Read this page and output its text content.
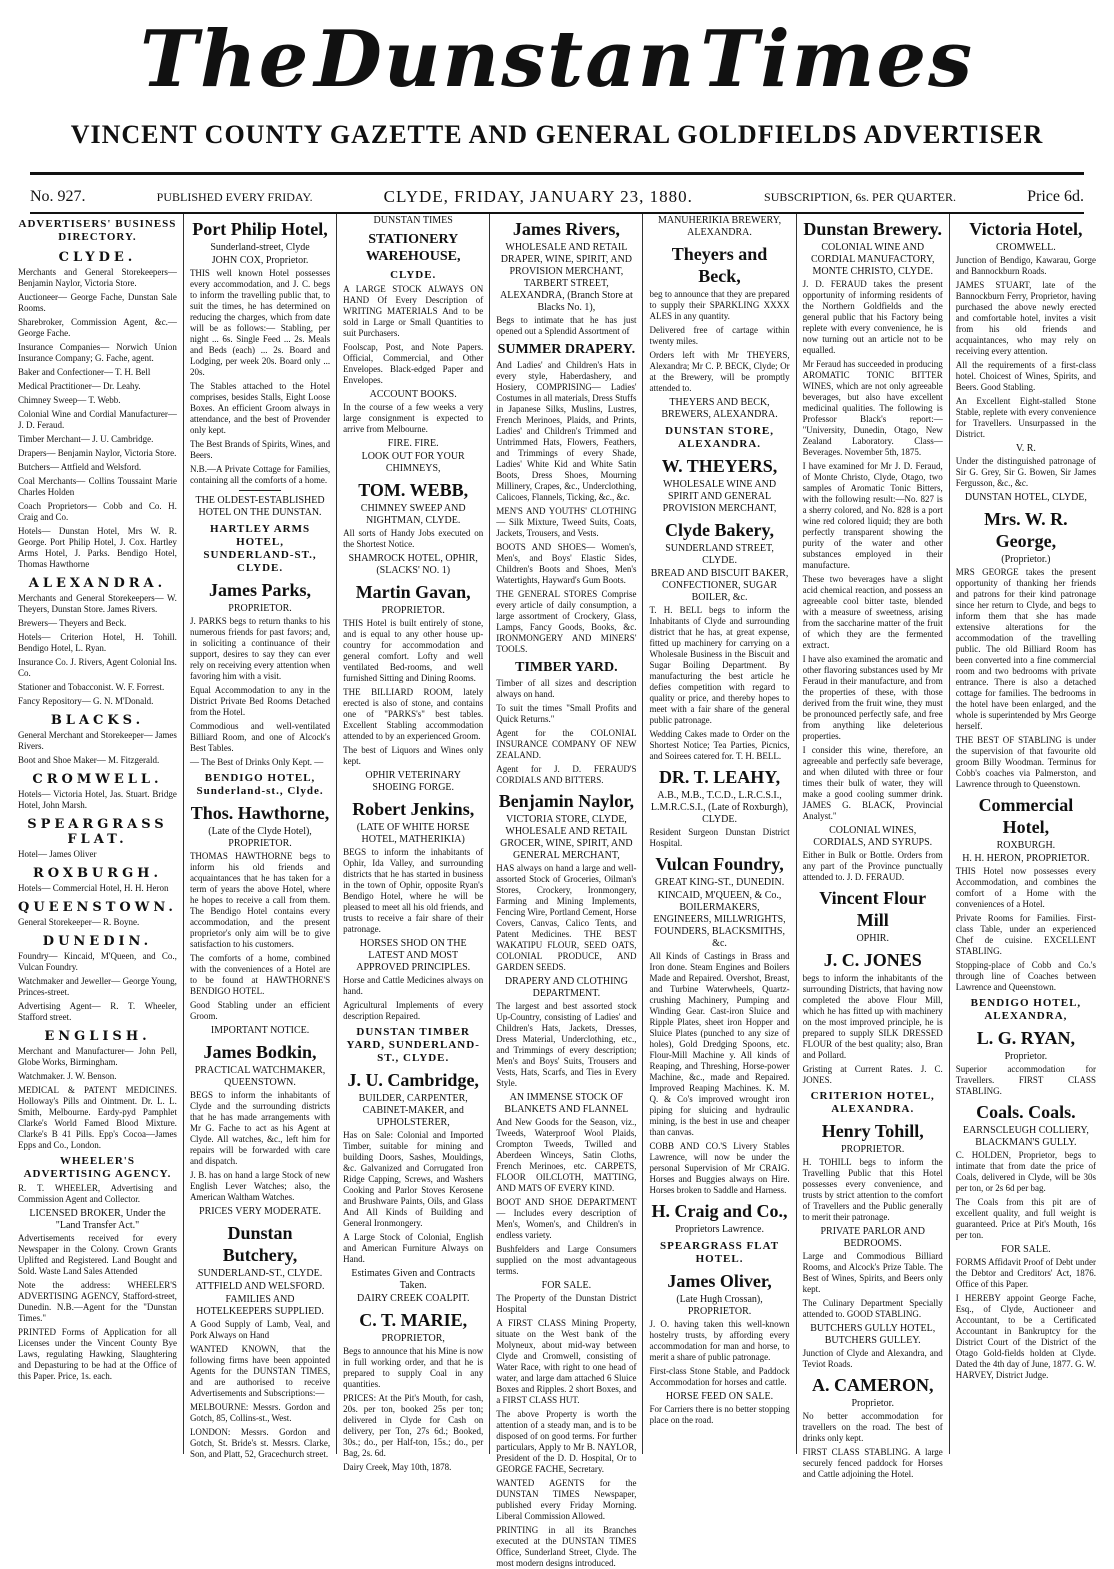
The Dunstan Times
VINCENT COUNTY GAZETTE AND GENERAL GOLDFIELDS ADVERTISER
No. 927.	PUBLISHED EVERY FRIDAY.	CLYDE, FRIDAY, JANUARY 23, 1880.	SUBSCRIPTION, 6s. PER QUARTER.	Price 6d.
ADVERTISERS' BUSINESS DIRECTORY.
CLYDE.

Merchants and General Storekeepers— Benjamin Naylor, Victoria Store.

Auctioneer— George Fache, Dunstan Sale Rooms.

Sharebroker, Commission Agent, &c.— George Fache.

Insurance Companies— Norwich Union Insurance Company; G. Fache, agent.

Baker and Confectioner— T. H. Bell

Medical Practitioner— Dr. Leahy.

Chimney Sweep— T. Webb.

Colonial Wine and Cordial Manufacturer— J. D. Feraud.

Timber Merchant— J. U. Cambridge.

Drapers— Benjamin Naylor, Victoria Store.

Butchers— Attfield and Welsford.

Coal Merchants— Collins Toussaint Marie Charles Holden

Coach Proprietors— Cobb and Co. H. Craig and Co.

Hotels— Dunstan Hotel, Mrs W. R. George. Port Philip Hotel, J. Cox. Hartley Arms Hotel, J. Parks. Bendigo Hotel, Thomas Hawthorne

ALEXANDRA.

Merchants and General Storekeepers— W. Theyers, Dunstan Store. James Rivers.

Brewers— Theyers and Beck.

Hotels— Criterion Hotel, H. Tohill. Bendigo Hotel, L. Ryan.

Insurance Co. J. Rivers, Agent Colonial Ins. Co.

Stationer and Tobacconist. W. F. Forrest.

Fancy Repository— G. N. M'Donald.

BLACKS.

General Merchant and Storekeeper— James Rivers.

Boot and Shoe Maker— M. Fitzgerald.

CROMWELL.

Hotels— Victoria Hotel, Jas. Stuart. Bridge Hotel, John Marsh.

SPEARGRASS FLAT.

Hotel— James Oliver

ROXBURGH.

Hotels— Commercial Hotel, H. H. Heron

QUEENSTOWN.

General Storekeeper— R. Boyne.

DUNEDIN.

Foundry— Kincaid, M'Queen, and Co., Vulcan Foundry.

Watchmaker and Jeweller— George Young, Princes-street.

Advertising Agent— R. T. Wheeler, Stafford street.

ENGLISH.

Merchant and Manufacturer— John Pell, Globe Works, Birmingham.

Watchmaker. J. W. Benson.

MEDICAL & PATENT MEDICINES. Holloway's Pills and Ointment. Dr. L. L. Smith, Melbourne. Eardy-pyd Pamphlet Clarke's World Famed Blood Mixture. Clarke's B 41 Pills. Epp's Cocoa—James Epps and Co., London.

WHEELER'S ADVERTISING AGENCY.

R. T. WHEELER, Advertising and Commission Agent and Collector.

LICENSED BROKER, Under the "Land Transfer Act."

Advertisements received for every Newspaper in the Colony. Crown Grants Uplifted and Registered. Land Bought and Sold. Waste Land Sales Attended

Note the address: WHEELER'S ADVERTISING AGENCY, Stafford-street, Dunedin. N.B.—Agent for the "Dunstan Times."

PRINTED Forms of Application for all Licenses under the Vincent County Bye Laws, regulating Hawking, Slaughtering and Depasturing to be had at the Office of this Paper. Price, 1s. each.

Port Philip Hotel,
Sunderland-street, Clyde
JOHN COX, Proprietor.

THIS well known Hotel possesses every accommodation, and J. C. begs to inform the travelling public that, to suit the times, he has determined on reducing the charges, which from date will be as follows:— Stabling, per night ... 6s. Single Feed ... 2s. Meals and Beds (each) ... 2s. Board and Lodging, per week 20s. Board only ... 20s.

The Stables attached to the Hotel comprises, besides Stalls, Eight Loose Boxes. An efficient Groom always in attendance, and the best of Provender only kept.

The Best Brands of Spirits, Wines, and Beers.

N.B.—A Private Cottage for Families, containing all the comforts of a home.

THE OLDEST-ESTABLISHED HOTEL ON THE DUNSTAN.
HARTLEY ARMS HOTEL, SUNDERLAND-ST., CLYDE.
James Parks,
PROPRIETOR.

J. PARKS begs to return thanks to his numerous friends for past favors; and, in soliciting a continuance of their support, desires to say they can ever rely on receiving every attention when favoring him with a visit.

Equal Accommodation to any in the District Private Bed Rooms Detached from the Hotel.

Commodious and well-ventilated Billiard Room, and one of Alcock's Best Tables.

— The Best of Drinks Only Kept. —

BENDIGO HOTEL, Sunderland-st., Clyde.
Thos. Hawthorne,
(Late of the Clyde Hotel), PROPRIETOR.

THOMAS HAWTHORNE begs to inform his old friends and acquaintances that he has taken for a term of years the above Hotel, where he hopes to receive a call from them. The Bendigo Hotel contains every accommodation, and the present proprietor's only aim will be to give satisfaction to his customers.

The comforts of a home, combined with the conveniences of a Hotel are to be found at HAWTHORNE'S BENDIGO HOTEL.

Good Stabling under an efficient Groom.

IMPORTANT NOTICE.
James Bodkin,
PRACTICAL WATCHMAKER, QUEENSTOWN.

BEGS to inform the inhabitants of Clyde and the surrounding districts that he has made arrangements with Mr G. Fache to act as his Agent at Clyde. All watches, &c., left him for repairs will be forwarded with care and dispatch.

J. B. has on hand a large Stock of new English Lever Watches; also, the American Waltham Watches.

PRICES VERY MODERATE.
Dunstan Butchery,
SUNDERLAND-ST., CLYDE.
ATTFIELD AND WELSFORD.
FAMILIES AND HOTELKEEPERS SUPPLIED.

A Good Supply of Lamb, Veal, and Pork Always on Hand

WANTED KNOWN, that the following firms have been appointed Agents for the DUNSTAN TIMES, and are authorised to receive Advertisements and Subscriptions:—

MELBOURNE: Messrs. Gordon and Gotch, 85, Collins-st., West.

LONDON: Messrs. Gordon and Gotch, St. Bride's st. Messrs. Clarke, Son, and Platt, 52, Gracechurch street.

DUNSTAN TIMES
STATIONERY WAREHOUSE,
CLYDE.

A LARGE STOCK ALWAYS ON HAND Of Every Description of WRITING MATERIALS And to be sold in Large or Small Quantities to suit Purchasers.

Foolscap, Post, and Note Papers. Official, Commercial, and Other Envelopes. Black-edged Paper and Envelopes.

ACCOUNT BOOKS.

In the course of a few weeks a very large consignment is expected to arrive from Melbourne.

FIRE. FIRE.
LOOK OUT FOR YOUR CHIMNEYS,
TOM. WEBB,
CHIMNEY SWEEP AND NIGHTMAN, CLYDE.

All sorts of Handy Jobs executed on the Shortest Notice.

SHAMROCK HOTEL, OPHIR, (SLACKS' NO. 1)
Martin Gavan,
PROPRIETOR.

THIS Hotel is built entirely of stone, and is equal to any other house up-country for accommodation and general comfort. Lofty and well ventilated Bed-rooms, and well furnished Sitting and Dining Rooms.

THE BILLIARD ROOM, lately erected is also of stone, and contains one of "PARKS's" best tables. Excellent Stabling accommodation attended to by an experienced Groom.

The best of Liquors and Wines only kept.

OPHIR VETERINARY SHOEING FORGE.
Robert Jenkins,
(LATE OF WHITE HORSE HOTEL, MATHERIKIA)

BEGS to inform the inhabitants of Ophir, Ida Valley, and surrounding districts that he has started in business in the town of Ophir, opposite Ryan's Bendigo Hotel, where he will be pleased to meet all his old friends, and trusts to receive a fair share of their patronage.

HORSES SHOD ON THE LATEST AND MOST APPROVED PRINCIPLES.

Horse and Cattle Medicines always on hand.

Agricultural Implements of every description Repaired.

DUNSTAN TIMBER YARD, SUNDERLAND-ST., CLYDE.
J. U. Cambridge,
BUILDER, CARPENTER, CABINET-MAKER, and UPHOLSTERER,

Has on Sale: Colonial and Imported Timber, suitable for mining and building Doors, Sashes, Mouldings, &c. Galvanized and Corrugated Iron Ridge Capping, Screws, and Washers Cooking and Parlor Stoves Kerosene and Brushware Paints, Oils, and Glass And All Kinds of Building and General Ironmongery.

A Large Stock of Colonial, English and American Furniture Always on Hand.

Estimates Given and Contracts Taken.
DAIRY CREEK COALPIT.
C. T. MARIE,
PROPRIETOR,

Begs to announce that his Mine is now in full working order, and that he is prepared to supply Coal in any quantities.

PRICES: At the Pit's Mouth, for cash, 20s. per ton, booked 25s per ton; delivered in Clyde for Cash on delivery, per Ton, 27s 6d.; Booked, 30s.; do., per Half-ton, 15s.; do., per Bag, 2s. 6d.

Dairy Creek, May 10th, 1878.

James Rivers,
WHOLESALE AND RETAIL DRAPER, WINE, SPIRIT, AND PROVISION MERCHANT, TARBERT STREET, ALEXANDRA, (Branch Store at Blacks No. 1),

Begs to intimate that he has just opened out a Splendid Assortment of

SUMMER DRAPERY.

And Ladies' and Children's Hats in every style, Haberdashery, and Hosiery, COMPRISING— Ladies' Costumes in all materials, Dress Stuffs in Japanese Silks, Muslins, Lustres, French Merinoes, Plaids, and Prints, Ladies' and Children's Trimmed and Untrimmed Hats, Flowers, Feathers, and Trimmings of every Shade, Ladies' White Kid and White Satin Boots, Dress Shoes, Mourning Millinery, Crapes, &c., Underclothing, Calicoes, Flannels, Ticking, &c., &c.

MEN'S AND YOUTHS' CLOTHING— Silk Mixture, Tweed Suits, Coats, Jackets, Trousers, and Vests.

BOOTS AND SHOES— Women's, Men's, and Boys' Elastic Sides, Children's Boots and Shoes, Men's Watertights, Hayward's Gum Boots.

THE GENERAL STORES Comprise every article of daily consumption, a large assortment of Crockery, Glass, Lamps, Fancy Goods, Books, &c. IRONMONGERY AND MINERS' TOOLS.

TIMBER YARD.

Timber of all sizes and description always on hand.

To suit the times "Small Profits and Quick Returns."

Agent for the COLONIAL INSURANCE COMPANY OF NEW ZEALAND.

Agent for J. D. FERAUD'S CORDIALS AND BITTERS.

Benjamin Naylor,
VICTORIA STORE, CLYDE, WHOLESALE AND RETAIL GROCER, WINE, SPIRIT, AND GENERAL MERCHANT,

HAS always on hand a large and well-assorted Stock of Groceries, Oilman's Stores, Crockery, Ironmongery, Farming and Mining Implements, Fencing Wire, Portland Cement, Horse Covers, Canvas, Calico Tents, and Patent Medicines. THE BEST WAKATIPU FLOUR, SEED OATS, COLONIAL PRODUCE, AND GARDEN SEEDS.

DRAPERY AND CLOTHING DEPARTMENT.

The largest and best assorted stock Up-Country, consisting of Ladies' and Children's Hats, Jackets, Dresses, Dress Material, Underclothing, etc., and Trimmings of every description; Men's and Boys' Suits, Trousers and Vests, Hats, Scarfs, and Ties in Every Style.

AN IMMENSE STOCK OF BLANKETS AND FLANNEL

And New Goods for the Season, viz., Tweeds, Waterproof Wool Plaids, Crompton Tweeds, Twilled and Aberdeen Winceys, Satin Cloths, French Merinoes, etc. CARPETS, FLOOR OILCLOTH, MATTING, AND MATS OF EVERY KIND.

BOOT AND SHOE DEPARTMENT— Includes every description of Men's, Women's, and Children's in endless variety.

Bushfelders and Large Consumers supplied on the most advantageous terms.

FOR SALE.

The Property of the Dunstan District Hospital

A FIRST CLASS Mining Property, situate on the West bank of the Molyneux, about mid-way between Clyde and Cromwell, consisting of Water Race, with right to one head of water, and large dam attached 6 Sluice Boxes and Ripples. 2 short Boxes, and a FIRST CLASS HUT.

The above Property is worth the attention of a steady man, and is to be disposed of on good terms. For further particulars, Apply to Mr B. NAYLOR, President of the D. D. Hospital, Or to GEORGE FACHE, Secretary.

WANTED AGENTS for the DUNSTAN TIMES Newspaper, published every Friday Morning. Liberal Commission Allowed.

PRINTING in all its Branches executed at the DUNSTAN TIMES Office, Sunderland Street, Clyde. The most modern designs introduced.

MANUHERIKIA BREWERY, ALEXANDRA.
Theyers and Beck,

beg to announce that they are prepared to supply their SPARKLING XXXX ALES in any quantity.

Delivered free of cartage within twenty miles.

Orders left with Mr THEYERS, Alexandra; Mr C. P. BECK, Clyde; Or at the Brewery, will be promptly attended to.

THEYERS AND BECK, BREWERS, ALEXANDRA.
DUNSTAN STORE, ALEXANDRA.
W. THEYERS,
WHOLESALE WINE AND SPIRIT AND GENERAL PROVISION MERCHANT,
Clyde Bakery,
SUNDERLAND STREET, CLYDE.
BREAD AND BISCUIT BAKER, CONFECTIONER, SUGAR BOILER, &c.

T. H. BELL begs to inform the Inhabitants of Clyde and surrounding district that he has, at great expense, fitted up machinery for carrying on a Wholesale Business in the Biscuit and Sugar Boiling Department. By manufacturing the best article he defies competition with regard to quality or price, and thereby hopes to meet with a fair share of the general public patronage.

Wedding Cakes made to Order on the Shortest Notice; Tea Parties, Picnics, and Soirees catered for. T. H. BELL.

DR. T. LEAHY,
A.B., M.B., T.C.D., L.R.C.S.I., L.M.R.C.S.I., (Late of Roxburgh), CLYDE.

Resident Surgeon Dunstan District Hospital.

Vulcan Foundry,
GREAT KING-ST., DUNEDIN.
KINCAID, M'QUEEN, & Co., BOILERMAKERS, ENGINEERS, MILLWRIGHTS, FOUNDERS, BLACKSMITHS, &c.

All Kinds of Castings in Brass and Iron done. Steam Engines and Boilers Made and Repaired. Overshot, Breast, and Turbine Waterwheels, Quartz-crushing Machinery, Pumping and Winding Gear. Cast-iron Sluice and Ripple Plates, sheet iron Hopper and Sluice Plates (punched to any size of holes), Gold Dredging Spoons, etc. Flour-Mill Machine y. All kinds of Reaping, and Threshing, Horse-power Machine, &c., made and Repaired. Improved Reaping Machines. K. M. Q. & Co's improved wrought iron piping for sluicing and hydraulic mining, is the best in use and cheaper than canvas.

COBB AND CO.'S Livery Stables Lawrence, will now be under the personal Supervision of Mr CRAIG. Horses and Buggies always on Hire. Horses broken to Saddle and Harness.

H. Craig and Co.,
Proprietors Lawrence.
SPEARGRASS FLAT HOTEL.
James Oliver,
(Late Hugh Crossan), PROPRIETOR.

J. O. having taken this well-known hostelry trusts, by affording every accommodation for man and horse, to merit a share of public patronage.

First-class Stone Stable, and Paddock Accommodation for horses and cattle.

HORSE FEED ON SALE.

For Carriers there is no better stopping place on the road.

Dunstan Brewery.
COLONIAL WINE AND CORDIAL MANUFACTORY, MONTE CHRISTO, CLYDE.

J. D. FERAUD takes the present opportunity of informing residents of the Northern Goldfields and the general public that his Factory being replete with every convenience, he is now turning out an article not to be equalled.

Mr Feraud has succeeded in producing AROMATIC TONIC BITTER WINES, which are not only agreeable beverages, but also have excellent medicinal qualities. The following is Professor Black's report:— "University, Dunedin, Otago, New Zealand Laboratory. Class—Beverages. November 5th, 1875.

I have examined for Mr J. D. Feraud, of Monte Christo, Clyde, Otago, two samples of Aromatic Tonic Bitters, with the following result:—No. 827 is a sherry colored, and No. 828 is a port wine red colored liquid; they are both perfectly transparent showing the purity of the water and other substances employed in their manufacture.

These two beverages have a slight acid chemical reaction, and possess an agreeable cool bitter taste, blended with a measure of sweetness, arising from the saccharine matter of the fruit of which they are the fermented extract.

I have also examined the aromatic and other flavoring substances used by Mr Feraud in their manufacture, and from the properties of these, with those derived from the fruit wine, they must be pronounced perfectly safe, and free from anything like deleterious properties.

I consider this wine, therefore, an agreeable and perfectly safe beverage, and when diluted with three or four times their bulk of water, they will make a good cooling summer drink. JAMES G. BLACK, Provincial Analyst."

COLONIAL WINES, CORDIALS, AND SYRUPS.

Either in Bulk or Bottle. Orders from any part of the Province punctually attended to. J. D. FERAUD.

Vincent Flour Mill
OPHIR.
J. C. JONES

begs to inform the inhabitants of the surrounding Districts, that having now completed the above Flour Mill, which he has fitted up with machinery on the most improved principle, he is prepared to supply SILK DRESSED FLOUR of the best quality; also, Bran and Pollard.

Gristing at Current Rates. J. C. JONES.

CRITERION HOTEL, ALEXANDRA.
Henry Tohill,
PROPRIETOR.

H. TOHILL begs to inform the Travelling Public that this Hotel possesses every convenience, and trusts by strict attention to the comfort of Travellers and the Public generally to merit their patronage.

PRIVATE PARLOR AND BEDROOMS.

Large and Commodious Billiard Rooms, and Alcock's Prize Table. The Best of Wines, Spirits, and Beers only kept.

The Culinary Department Specially attended to. GOOD STABLING.

BUTCHERS GULLY HOTEL, BUTCHERS GULLEY.

Junction of Clyde and Alexandra, and Teviot Roads.

A. CAMERON,
Proprietor.

No better accommodation for travellers on the road. The best of drinks only kept.

FIRST CLASS STABLING. A large securely fenced paddock for Horses and Cattle adjoining the Hotel.

Victoria Hotel,
CROMWELL.

Junction of Bendigo, Kawarau, Gorge and Bannockburn Roads.

JAMES STUART, late of the Bannockburn Ferry, Proprietor, having purchased the above newly erected and comfortable hotel, invites a visit from his old friends and acquaintances, who may rely on receiving every attention.

All the requirements of a first-class hotel. Choicest of Wines, Spirits, and Beers. Good Stabling.

An Excellent Eight-stalled Stone Stable, replete with every convenience for Travellers. Unsurpassed in the District.

V. R.

Under the distinguished patronage of Sir G. Grey, Sir G. Bowen, Sir James Fergusson, &c., &c.

DUNSTAN HOTEL, CLYDE,
Mrs. W. R. George,
(Proprietor.)

MRS GEORGE takes the present opportunity of thanking her friends and patrons for their kind patronage since her return to Clyde, and begs to inform them that she has made extensive alterations for the accommodation of the travelling public. The old Billiard Room has been converted into a fine commercial room and two bedrooms with private entrance. There is also a detached cottage for families. The bedrooms in the hotel have been enlarged, and the whole is superintended by Mrs George herself.

THE BEST OF STABLING is under the supervision of that favourite old groom Billy Woodman. Terminus for Cobb's coaches via Palmerston, and Lawrence through to Queenstown.

Commercial Hotel,
ROXBURGH.
H. H. HERON, PROPRIETOR.

THIS Hotel now possesses every Accommodation, and combines the comfort of a Home with the conveniences of a Hotel.

Private Rooms for Families. First-class Table, under an experienced Chef de cuisine. EXCELLENT STABLING.

Stopping-place of Cobb and Co.'s through line of Coaches between Lawrence and Queenstown.

BENDIGO HOTEL, ALEXANDRA,
L. G. RYAN,
Proprietor.

Superior accommodation for Travellers. FIRST CLASS STABLING.

Coals. Coals.
EARNSCLEUGH COLLIERY, BLACKMAN'S GULLY.

C. HOLDEN, Proprietor, begs to intimate that from date the price of Coals, delivered in Clyde, will be 30s per ton, or 2s 6d per bag.

The Coals from this pit are of excellent quality, and full weight is guaranteed. Price at Pit's Mouth, 16s per ton.

FOR SALE.

FORMS Affidavit Proof of Debt under the Debtor and Creditors' Act, 1876. Office of this Paper.

I HEREBY appoint George Fache, Esq., of Clyde, Auctioneer and Accountant, to be a Certificated Accountant in Bankruptcy for the District Court of the District of the Otago Gold-fields holden at Clyde. Dated the 4th day of June, 1877. G. W. HARVEY, District Judge.
